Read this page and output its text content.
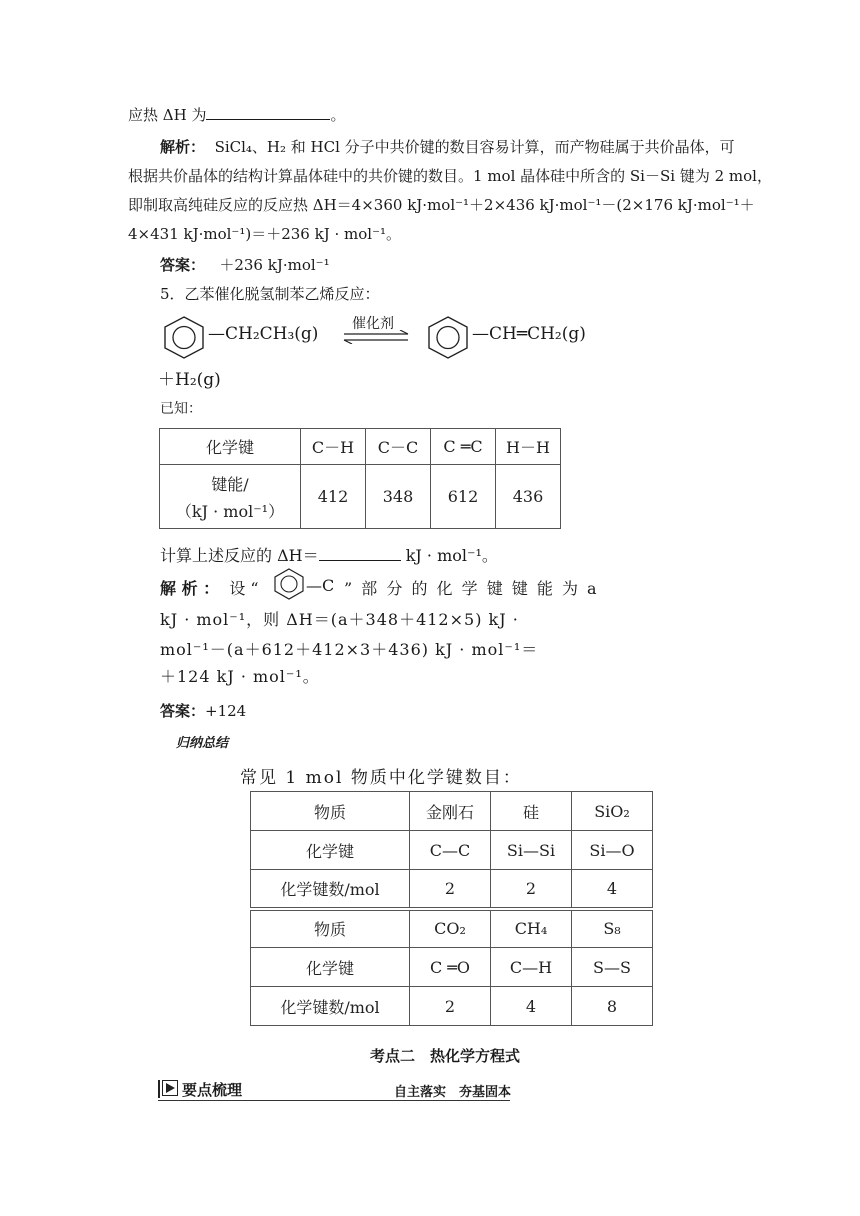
应热 ΔH 为	。
解析： SiCl₄、H₂ 和 HCl 分子中共价键的数目容易计算，而产物硅属于共价晶体，可
根据共价晶体的结构计算晶体硅中的共价键的数目。1 mol 晶体硅中所含的 Si－Si 键为 2 mol，
即制取高纯硅反应的反应热 ΔH＝4×360 kJ·mol⁻¹＋2×436 kJ·mol⁻¹－(2×176 kJ·mol⁻¹＋
4×431 kJ·mol⁻¹)＝＋236 kJ · mol⁻¹。
答案： ＋236 kJ·mol⁻¹
5．乙苯催化脱氢制苯乙烯反应：
—CH₂CH₃(g) 催化剂	—CH═CH₂(g)
＋H₂(g)
已知：
化学键	C－H	C－C	C ═C	H－H

键能/
（kJ · mol⁻¹）	412	348	612	436
计算上述反应的 ΔH＝	kJ · mol⁻¹。
解 析 ： 设 “	—C ” 部 分 的 化 学 键 键 能 为 a
kJ · mol⁻¹，则 ΔH＝(a＋348＋412×5) kJ ·
mol⁻¹－(a＋612＋412×3＋436) kJ · mol⁻¹＝
＋124 kJ · mol⁻¹。
答案：+124
归纳总结
常见 1 mol 物质中化学键数目：
物质	金刚石	硅	SiO₂
化学键	C—C	Si—Si	Si—O
化学键数/mol	2	2	4
物质	CO₂	CH₄	S₈
化学键	C ═O	C—H	S—S
化学键数/mol	2	4	8
考点二　热化学方程式
要点梳理	自主落实　夯基固本
